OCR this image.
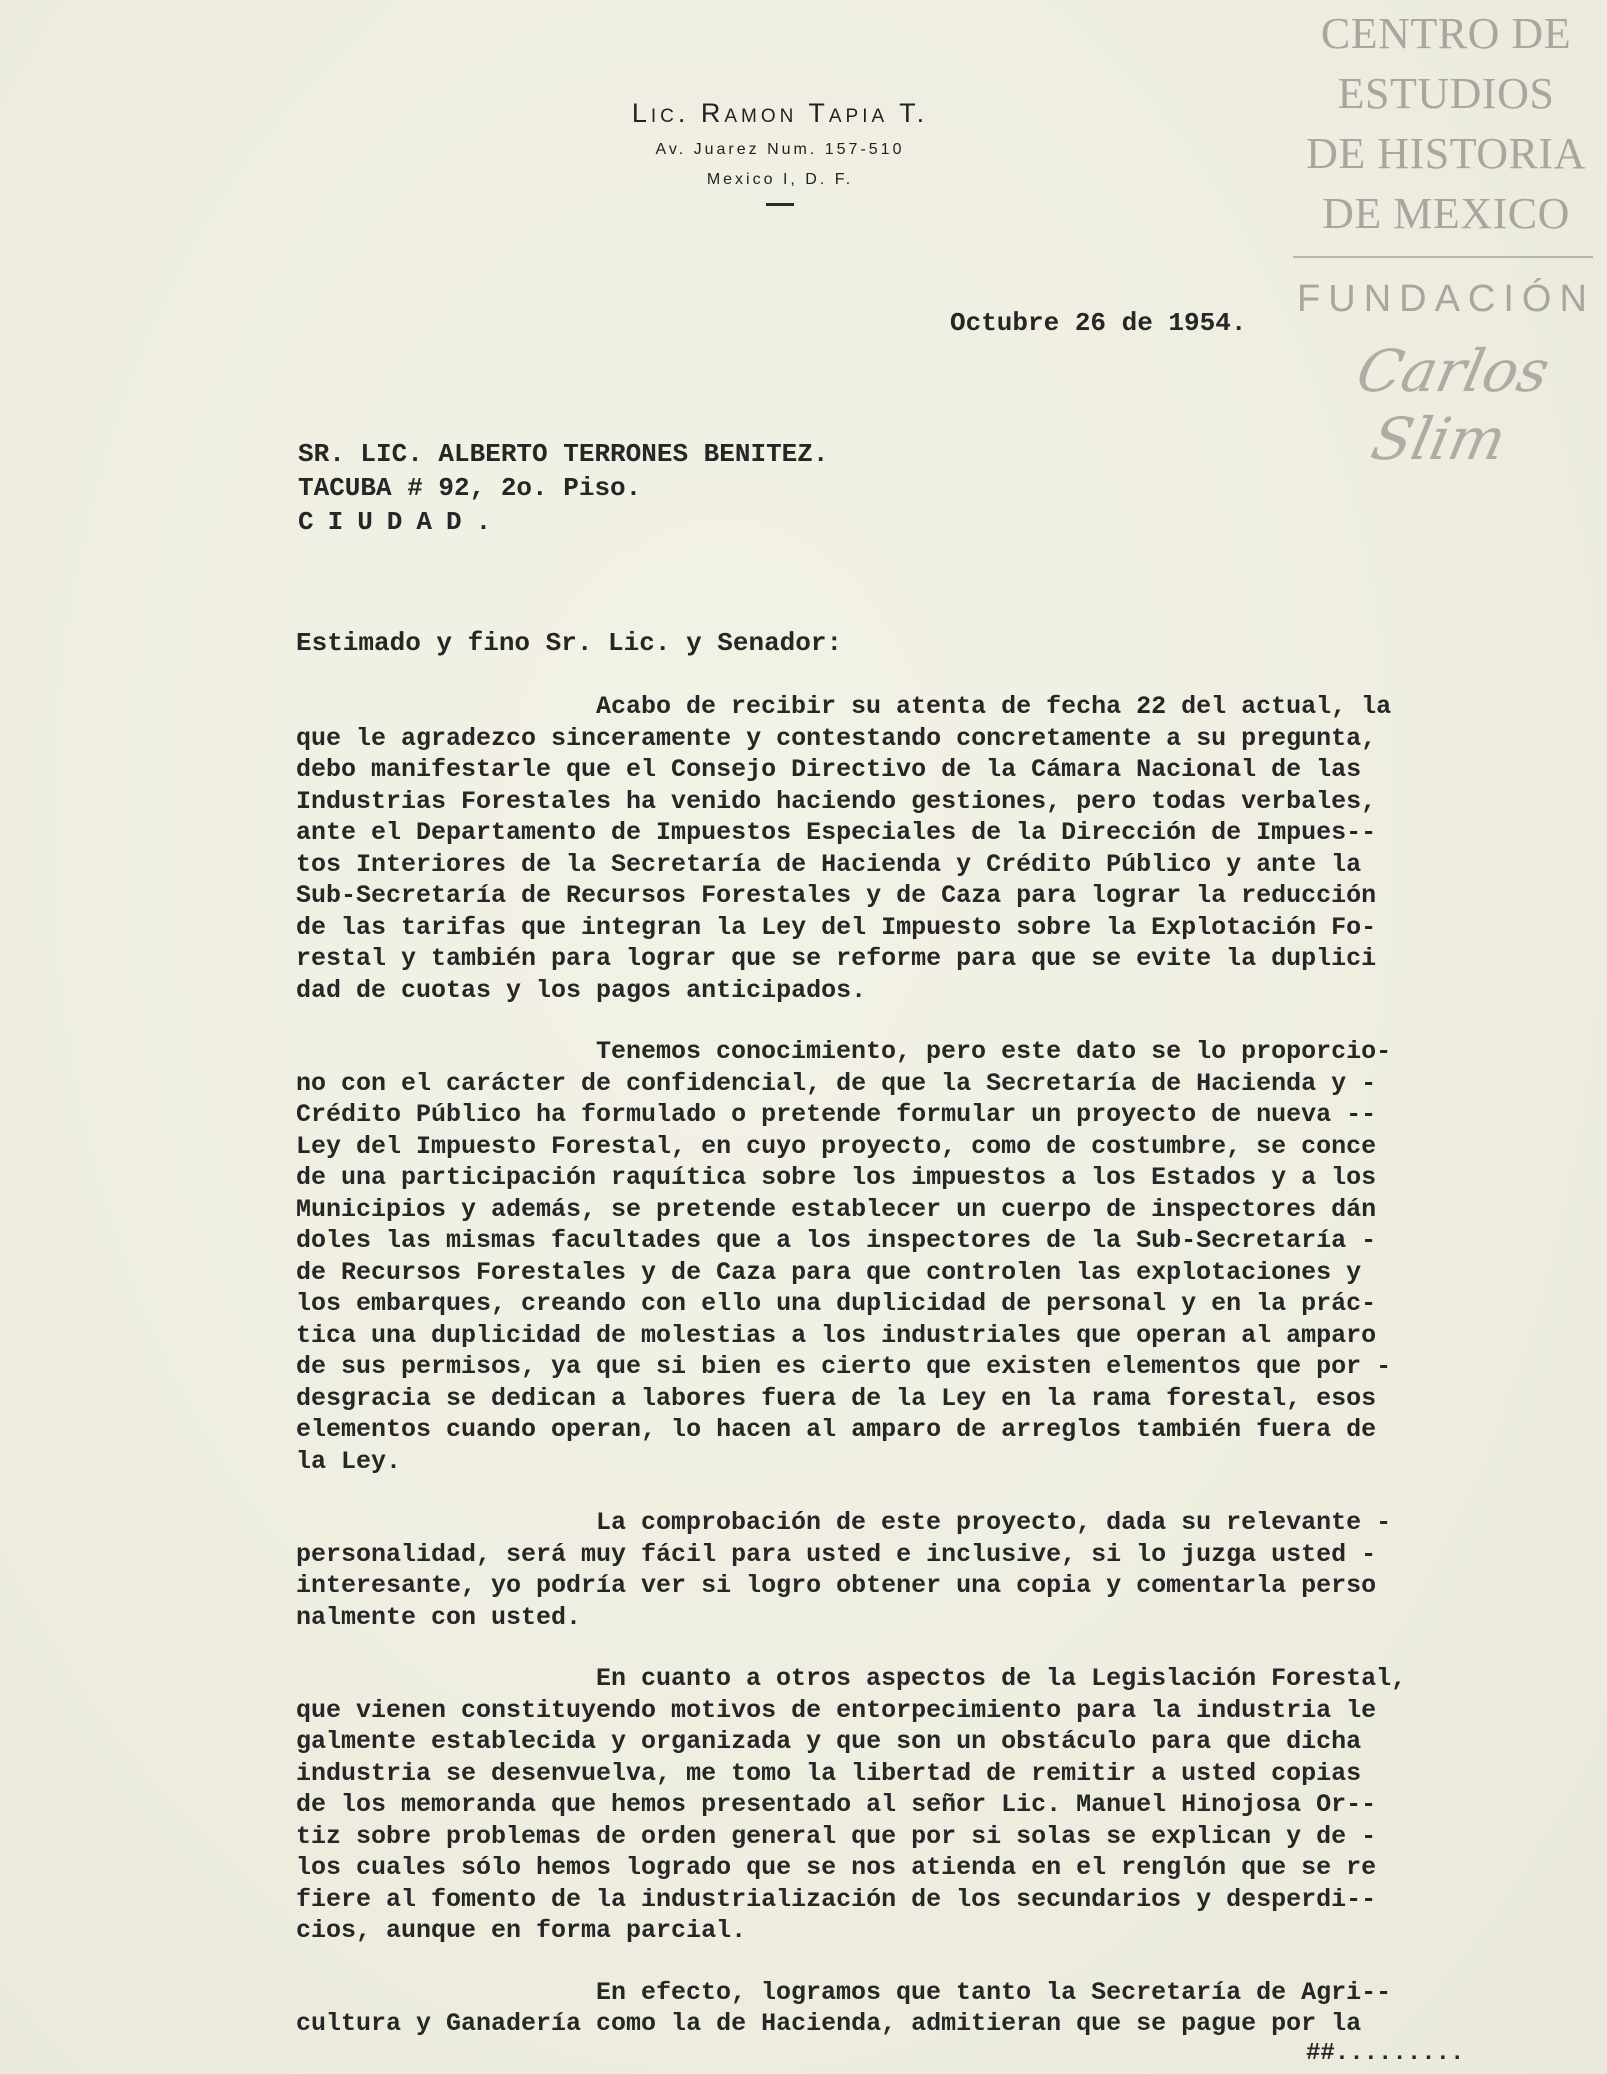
Lic. Ramon Tapia T.
Av. Juarez Num. 157-510
Mexico I, D. F.
CENTRO DE
ESTUDIOS
DE HISTORIA
DE MEXICO
FUNDACIÓN
Carlos Slim
Octubre 26 de 1954.
SR. LIC. ALBERTO TERRONES BENITEZ.
TACUBA # 92, 2o. Piso.
CIUDAD.
Estimado y fino Sr. Lic. y Senador:
Acabo de recibir su atenta de fecha 22 del actual, la
que le agradezco sinceramente y contestando concretamente a su pregunta,
debo manifestarle que el Consejo Directivo de la Cámara Nacional de las
Industrias Forestales ha venido haciendo gestiones, pero todas verbales,
ante el Departamento de Impuestos Especiales de la Dirección de Impues--
tos Interiores de la Secretaría de Hacienda y Crédito Público y ante la
Sub-Secretaría de Recursos Forestales y de Caza para lograr la reducción
de las tarifas que integran la Ley del Impuesto sobre la Explotación Fo-
restal y también para lograr que se reforme para que se evite la duplici
dad de cuotas y los pagos anticipados.
Tenemos conocimiento, pero este dato se lo proporcio-
no con el carácter de confidencial, de que la Secretaría de Hacienda y -
Crédito Público ha formulado o pretende formular un proyecto de nueva --
Ley del Impuesto Forestal, en cuyo proyecto, como de costumbre, se conce
de una participación raquítica sobre los impuestos a los Estados y a los
Municipios y además, se pretende establecer un cuerpo de inspectores dán
doles las mismas facultades que a los inspectores de la Sub-Secretaría -
de Recursos Forestales y de Caza para que controlen las explotaciones y
los embarques, creando con ello una duplicidad de personal y en la prác-
tica una duplicidad de molestias a los industriales que operan al amparo
de sus permisos, ya que si bien es cierto que existen elementos que por -
desgracia se dedican a labores fuera de la Ley en la rama forestal, esos
elementos cuando operan, lo hacen al amparo de arreglos también fuera de
la Ley.
La comprobación de este proyecto, dada su relevante -
personalidad, será muy fácil para usted e inclusive, si lo juzga usted -
interesante, yo podría ver si logro obtener una copia y comentarla perso
nalmente con usted.
En cuanto a otros aspectos de la Legislación Forestal,
que vienen constituyendo motivos de entorpecimiento para la industria le
galmente establecida y organizada y que son un obstáculo para que dicha
industria se desenvuelva, me tomo la libertad de remitir a usted copias
de los memoranda que hemos presentado al señor Lic. Manuel Hinojosa Or--
tiz sobre problemas de orden general que por si solas se explican y de -
los cuales sólo hemos logrado que se nos atienda en el renglón que se re
fiere al fomento de la industrialización de los secundarios y desperdi--
cios, aunque en forma parcial.
En efecto, logramos que tanto la Secretaría de Agri--
cultura y Ganadería como la de Hacienda, admitieran que se pague por la
##.........
